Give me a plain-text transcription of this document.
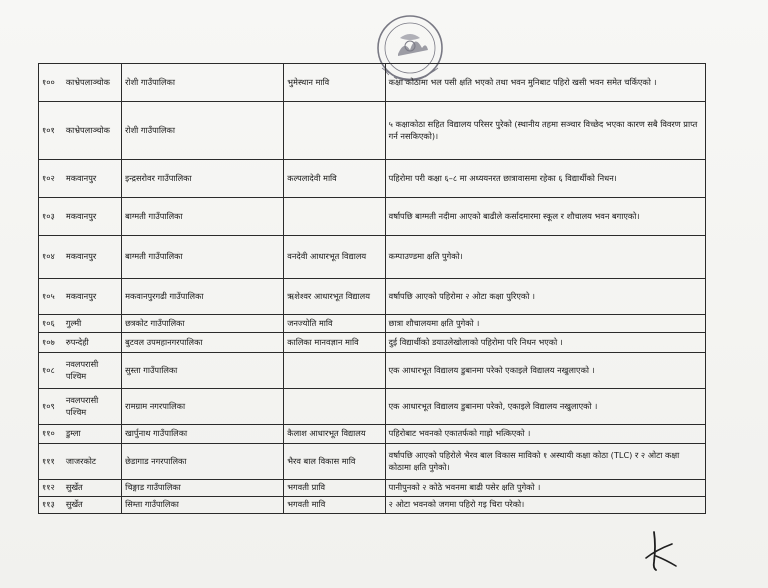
१००	काभ्रेपलाञ्चोक	रोशी गाउँपालिका	भुमेस्थान मावि	कक्षा कोठामा भल पसी क्षति भएको तथा भवन मुनिबाट पहिरो खसी भवन समेत चर्किएको ।
१०१	काभ्रेपलाञ्चोक	रोशी गाउँपालिका		५ कक्षाकोठा सहित विद्यालय परिसर पुरेको (स्थानीय तहमा सञ्चार विच्छेद भएका कारण सबै विवरण प्राप्त गर्न नसकिएको)।
१०२	मकवानपुर	इन्द्रसरोवर गाउँपालिका	कल्पलादेवी मावि	पहिरोमा परी कक्षा ६–८ मा अध्ययनरत छात्रावासमा रहेका ६ विद्यार्थीको निधन।
१०३	मकवानपुर	बाग्मती गाउँपालिका		वर्षापछि बाग्मती नदीमा आएको बाढीले कर्सादमारमा स्कूल र शौचालय भवन बगाएको।
१०४	मकवानपुर	बाग्मती गाउँपालिका	वनदेवी आधारभूत विद्यालय	कम्पाउण्डमा क्षति पुगेको।
१०५	मकवानपुर	मकवानपुरगढी गाउँपालिका	ऋशेश्वर आधारभूत विद्यालय	वर्षापछि आएको पहिरोमा २ ओटा कक्षा पुरिएको ।
१०६	गुल्मी	छत्रकोट गाउँपालिका	जनज्योति मावि	छात्रा शौचालयमा क्षति पुगेको ।
१०७	रुपन्देही	बुटवल उपमहानगरपालिका	कालिका मानवज्ञान मावि	दुई विद्यार्थीको डयाउलेखोलाको पहिरोमा परि निधन भएको ।
१०८	नवलपरासी पश्चिम	सुस्ता गाउँपालिका		एक आधारभूत विद्यालय डुबानमा परेको एकाइले विद्यालय नखुलाएको ।
१०९	नवलपरासी पश्चिम	रामग्राम नगरपालिका		एक आधारभूत विद्यालय डुबानमा परेको, एकाइले विद्यालय नखुलाएको ।
११०	डुम्ला	खार्पुनाथ गाउँपालिका	कैलाश आधारभूत विद्यालय	पहिरोबाट भवनको एकातर्फको गाह्रो भत्किएको ।
१११	जाजरकोट	छेडागाड नगरपालिका	भैरव बाल विकास मावि	वर्षापछि आएको पहिरोले भैरव बाल विकास माविको १ अस्थायी कक्षा कोठा (TLC) र २ ओटा कक्षा कोठामा क्षति पुगेको।
११२	सुर्खेत	चिङ्गाड गाउँपालिका	भगवती प्रावि	पानीपुनको २ कोठे भवनमा बाढी पसेर क्षति पुगेको ।
११३	सुर्खेत	सिम्ता गाउँपालिका	भगवती मावि	२ ओटा भवनको जगमा पहिरो गइ चिरा परेको।
